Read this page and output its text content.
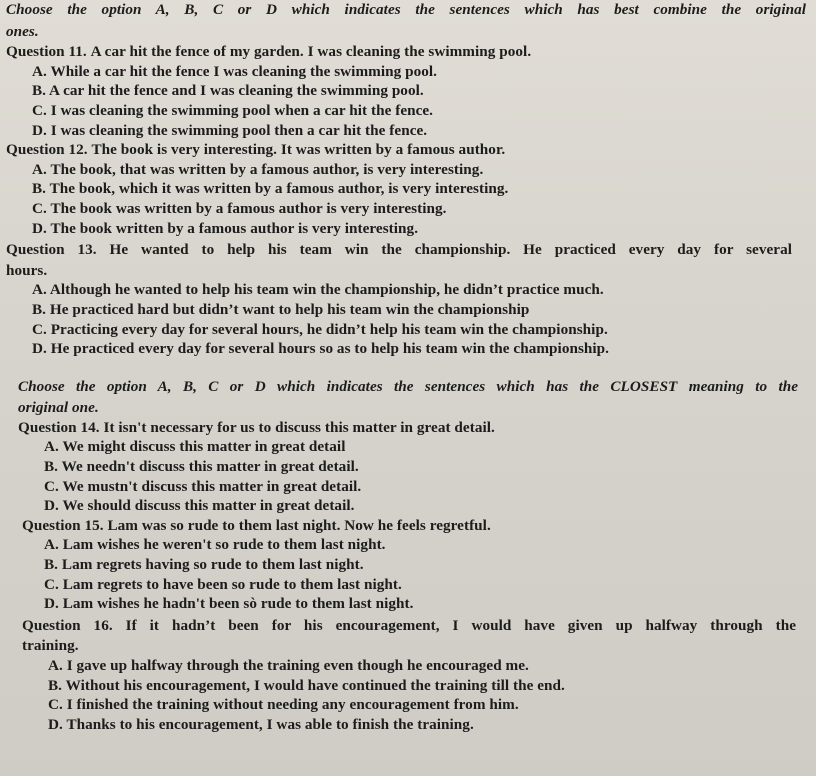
Choose the option A, B, C or D which indicates the sentences which has best combine the original
ones.
Question 11. A car hit the fence of my garden. I was cleaning the swimming pool.
A. While a car hit the fence I was cleaning the swimming pool.
B. A car hit the fence and I was cleaning the swimming pool.
C. I was cleaning the swimming pool when a car hit the fence.
D. I was cleaning the swimming pool then a car hit the fence.
Question 12. The book is very interesting. It was written by a famous author.
A. The book, that was written by a famous author, is very interesting.
B. The book, which it was written by a famous author, is very interesting.
C. The book was written by a famous author is very interesting.
D. The book written by a famous author is very interesting.
Question 13. He wanted to help his team win the championship. He practiced every day for several
hours.
A. Although he wanted to help his team win the championship, he didn’t practice much.
B. He practiced hard but didn’t want to help his team win the championship
C. Practicing every day for several hours, he didn’t help his team win the championship.
D. He practiced every day for several hours so as to help his team win the championship.
Choose the option A, B, C or D which indicates the sentences which has the CLOSEST meaning to the
original one.
Question 14. It isn't necessary for us to discuss this matter in great detail.
A. We might discuss this matter in great detail
B. We needn't discuss this matter in great detail.
C. We mustn't discuss this matter in great detail.
D. We should discuss this matter in great detail.
Question 15. Lam was so rude to them last night. Now he feels regretful.
A. Lam wishes he weren't so rude to them last night.
B. Lam regrets having so rude to them last night.
C. Lam regrets to have been so rude to them last night.
D. Lam wishes he hadn't been sò rude to them last night.
Question 16. If it hadn’t been for his encouragement, I would have given up halfway through the
training.
A. I gave up halfway through the training even though he encouraged me.
B. Without his encouragement, I would have continued the training till the end.
C. I finished the training without needing any encouragement from him.
D. Thanks to his encouragement, I was able to finish the training.
